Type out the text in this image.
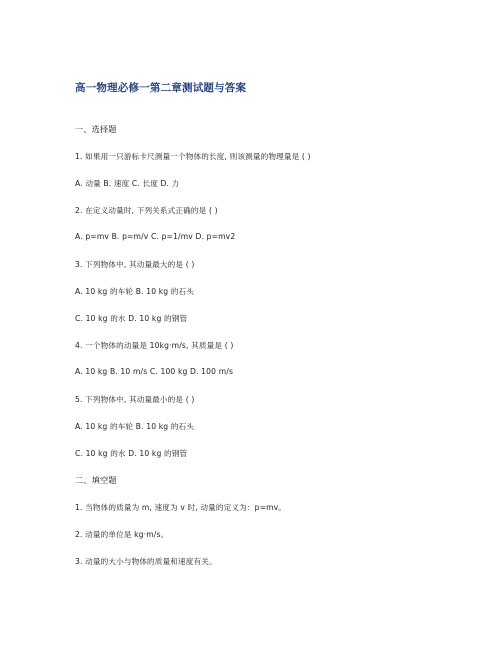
高一物理必修一第二章测试题与答案
一、选择题
1. 如果用一只游标卡尺测量一个物体的长度, 则该测量的物理量是 ( )
A. 动量 B. 速度 C. 长度 D. 力
2. 在定义动量时, 下列关系式正确的是 ( )
A. p=mv B. p=m/v C. p=1/mv D. p=mv2
3. 下列物体中, 其动量最大的是 ( )
A. 10 kg 的车轮 B. 10 kg 的石头
C. 10 kg 的水 D. 10 kg 的钢管
4. 一个物体的动量是 10kg·m/s, 其质量是 ( )
A. 10 kg B. 10 m/s C. 100 kg D. 100 m/s
5. 下列物体中, 其动量最小的是 ( )
A. 10 kg 的车轮 B. 10 kg 的石头
C. 10 kg 的水 D. 10 kg 的钢管
二、填空题
1. 当物体的质量为 m, 速度为 v 时, 动量的定义为：p=mv。
2. 动量的单位是 kg·m/s。
3. 动量的大小与物体的质量和速度有关。
